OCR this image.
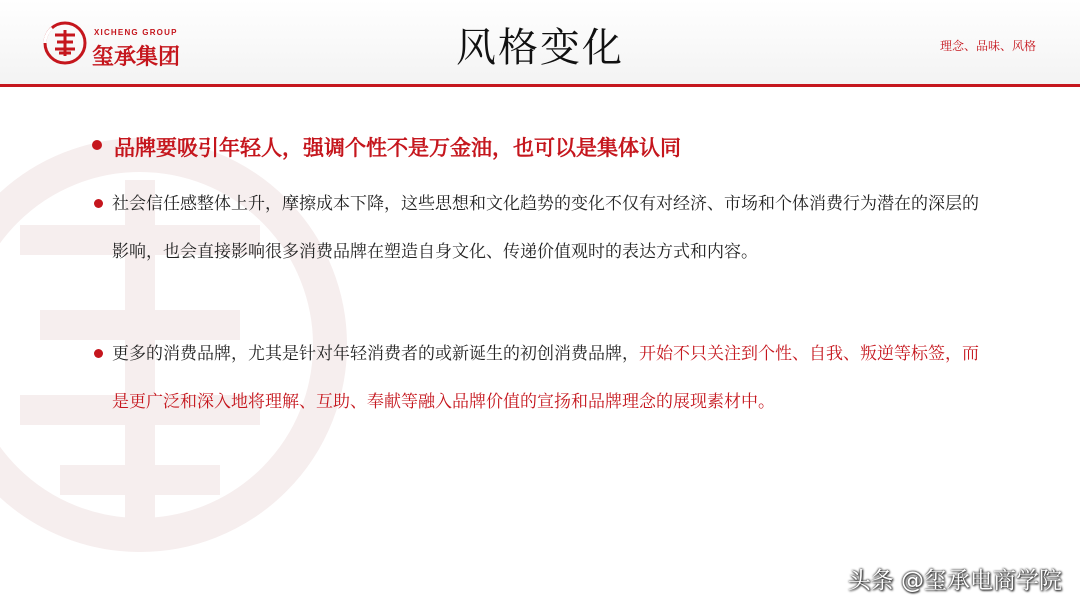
XICHENG GROUP
玺承集团	风格变化	理念、品味、风格
品牌要吸引年轻人，强调个性不是万金油，也可以是集体认同
社会信任感整体上升，摩擦成本下降，这些思想和文化趋势的变化不仅有对经济、市场和个体消费行为潜在的深层的影响，也会直接影响很多消费品牌在塑造自身文化、传递价值观时的表达方式和内容。
更多的消费品牌，尤其是针对年轻消费者的或新诞生的初创消费品牌，开始不只关注到个性、自我、叛逆等标签，而是更广泛和深入地将理解、互助、奉献等融入品牌价值的宣扬和品牌理念的展现素材中。
头条 @玺承电商学院
